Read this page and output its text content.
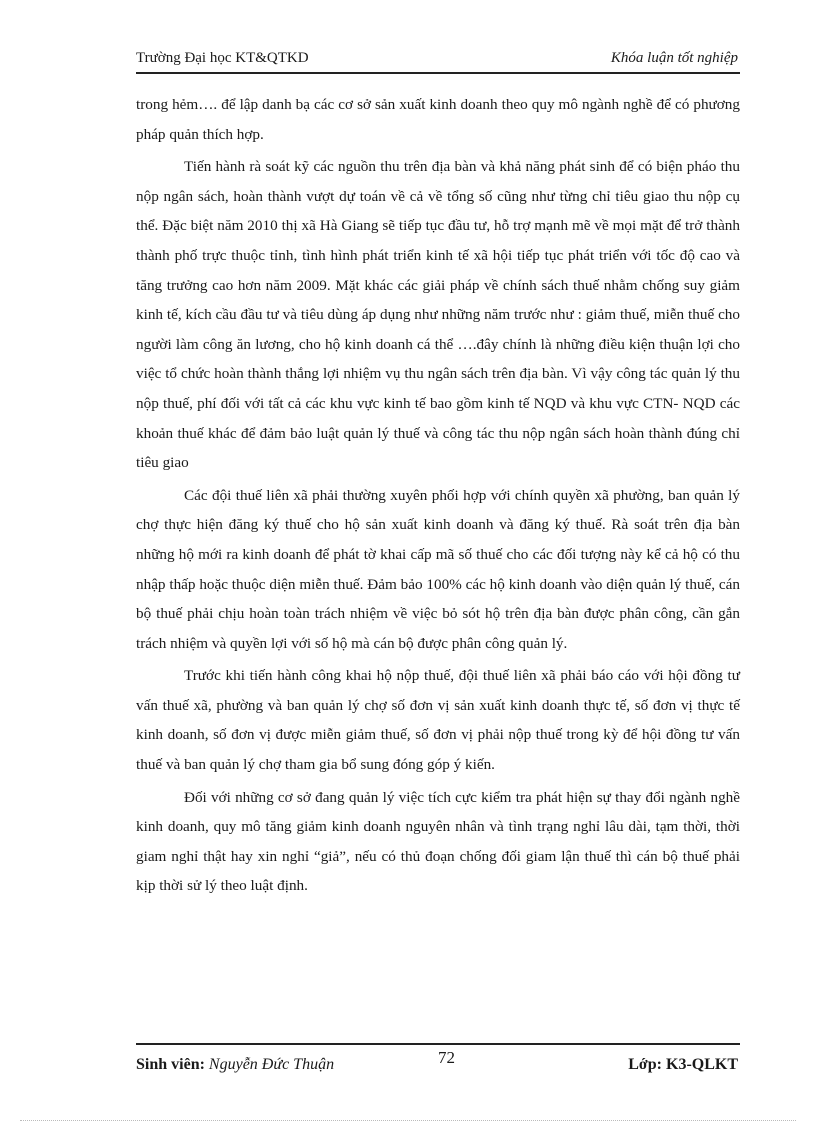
Trường Đại học KT&QTKD	Khóa luận tốt nghiệp

trong hẻm…. để lập danh bạ các cơ sở sản xuất kinh doanh theo quy mô ngành nghề để có phương pháp quản thích hợp.

Tiến hành rà soát kỹ các nguồn thu trên địa bàn và khả năng phát sinh để có biện pháo thu nộp ngân sách, hoàn thành vượt dự toán về cả về tổng số cũng như từng chỉ tiêu giao thu nộp cụ thể. Đặc biệt năm 2010 thị xã Hà Giang sẽ tiếp tục đầu tư, hỗ trợ mạnh mẽ về mọi mặt để trở thành thành phố trực thuộc tỉnh, tình hình phát triển kinh tế xã hội tiếp tục phát triển với tốc độ cao và tăng trưởng cao hơn năm 2009. Mặt khác các giải pháp về chính sách thuế nhằm chống suy giảm kinh tế, kích cầu đầu tư và tiêu dùng áp dụng như những năm trước như : giảm thuế, miễn thuế cho người làm công ăn lương, cho hộ kinh doanh cá thể ….đây chính là những điều kiện thuận lợi cho việc tổ chức hoàn thành thắng lợi nhiệm vụ thu ngân sách trên địa bàn. Vì vậy công tác quản lý thu nộp thuế, phí đối với tất cả các khu vực kinh tế bao gồm kinh tế NQD và khu vực CTN- NQD các khoản thuế khác để đảm bảo luật quản lý thuế và công tác thu nộp ngân sách hoàn thành đúng chỉ tiêu giao

Các đội thuế liên xã phải thường xuyên phối hợp với chính quyền xã phường, ban quản lý chợ thực hiện đăng ký thuế cho hộ sản xuất kinh doanh và đăng ký thuế. Rà soát trên địa bàn những hộ mới ra kinh doanh để phát tờ khai cấp mã số thuế cho các đối tượng này kể cả hộ có thu nhập thấp hoặc thuộc diện miễn thuế. Đảm bảo 100% các hộ kinh doanh vào diện quản lý thuế, cán bộ thuế phải chịu hoàn toàn trách nhiệm về việc bỏ sót hộ trên địa bàn được phân công, cần gắn trách nhiệm và quyền lợi với số hộ mà cán bộ được phân công quản lý.

Trước khi tiến hành công khai hộ nộp thuế, đội thuế liên xã phải báo cáo với hội đồng tư vấn thuế xã, phường và ban quản lý chợ số đơn vị sản xuất kinh doanh thực tế, số đơn vị thực tế kinh doanh, số đơn vị được miễn giảm thuế, số đơn vị phải nộp thuế trong kỳ để hội đồng tư vấn thuế và ban quản lý chợ tham gia bổ sung đóng góp ý kiến.

Đối với những cơ sở đang quản lý việc tích cực kiểm tra phát hiện sự thay đổi ngành nghề kinh doanh, quy mô tăng giảm kinh doanh nguyên nhân và tình trạng nghỉ lâu dài, tạm thời, thời giam nghỉ thật hay xin nghỉ “giả”, nếu có thủ đoạn chống đối giam lận thuế thì cán bộ thuế phải kịp thời sử lý theo luật định.

Sinh viên: Nguyễn Đức Thuận	72	Lớp: K3-QLKT
